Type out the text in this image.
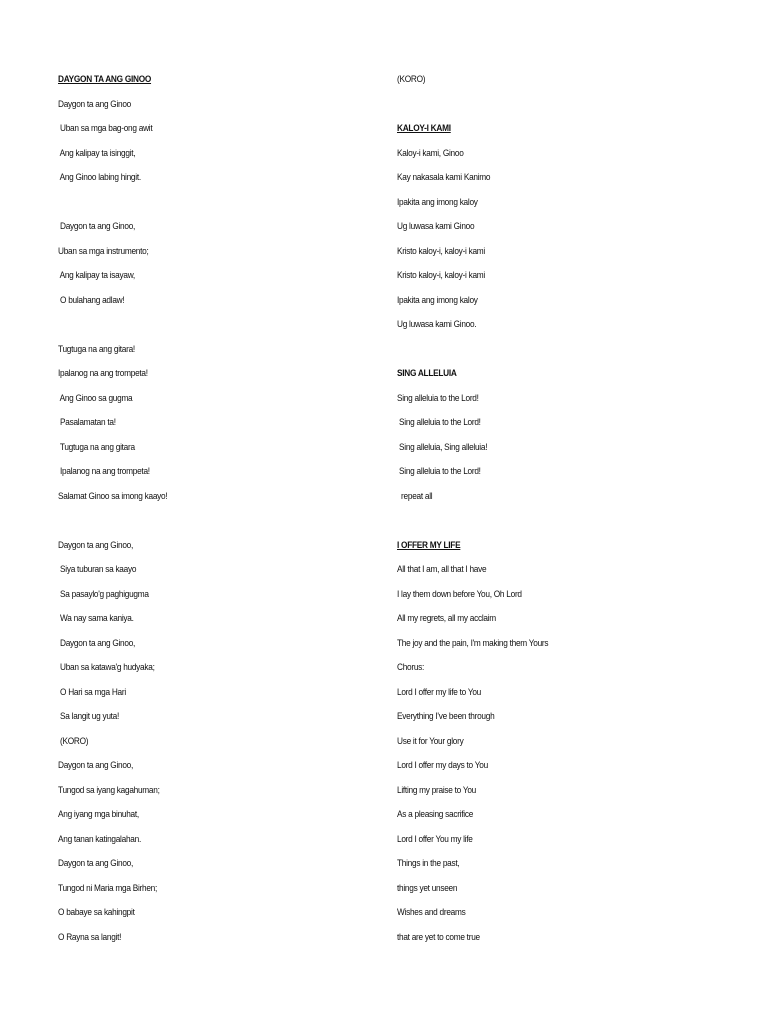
DAYGON TA ANG GINOO
Daygon ta ang Ginoo
Uban sa mga bag-ong awit
Ang kalipay ta isinggit,
Ang Ginoo labing hingit.
Daygon ta ang Ginoo,
Uban sa mga instrumento;
Ang kalipay ta isayaw,
O bulahang adlaw!
Tugtuga na ang gitara!
Ipalanog na ang trompeta!
Ang Ginoo sa gugma
Pasalamatan ta!
Tugtuga na ang gitara
Ipalanog na ang trompeta!
Salamat Ginoo sa imong kaayo!
Daygon ta ang Ginoo,
Siya tuburan sa kaayo
Sa pasaylo'g paghigugma
Wa nay sama kaniya.
Daygon ta ang Ginoo,
Uban sa katawa'g hudyaka;
O Hari sa mga Hari
Sa langit ug yuta!
(KORO)
Daygon ta ang Ginoo,
Tungod sa iyang kagahuman;
Ang iyang mga binuhat,
Ang tanan katingalahan.
Daygon ta ang Ginoo,
Tungod ni Maria mga Birhen;
O babaye sa kahingpit
O Rayna sa langit!
(KORO)
KALOY-I KAMI
Kaloy-i kami, Ginoo
Kay nakasala kami Kanimo
Ipakita ang imong kaloy
Ug luwasa kami Ginoo
Kristo kaloy-i, kaloy-i kami
Kristo kaloy-i, kaloy-i kami
Ipakita ang imong kaloy
Ug luwasa kami Ginoo.
SING ALLELUIA
Sing alleluia to the Lord!
Sing alleluia to the Lord!
Sing alleluia, Sing alleluia!
Sing alleluia to the Lord!
repeat all
I OFFER MY LIFE
All that I am, all that I have
I lay them down before You, Oh Lord
All my regrets, all my acclaim
The joy and the pain, I'm making them Yours
Chorus:
Lord I offer my life to You
Everything I've been through
Use it for Your glory
Lord I offer my days to You
Lifting my praise to You
As a pleasing sacrifice
Lord I offer You my life
Things in the past,
things yet unseen
Wishes and dreams
that are yet to come true
